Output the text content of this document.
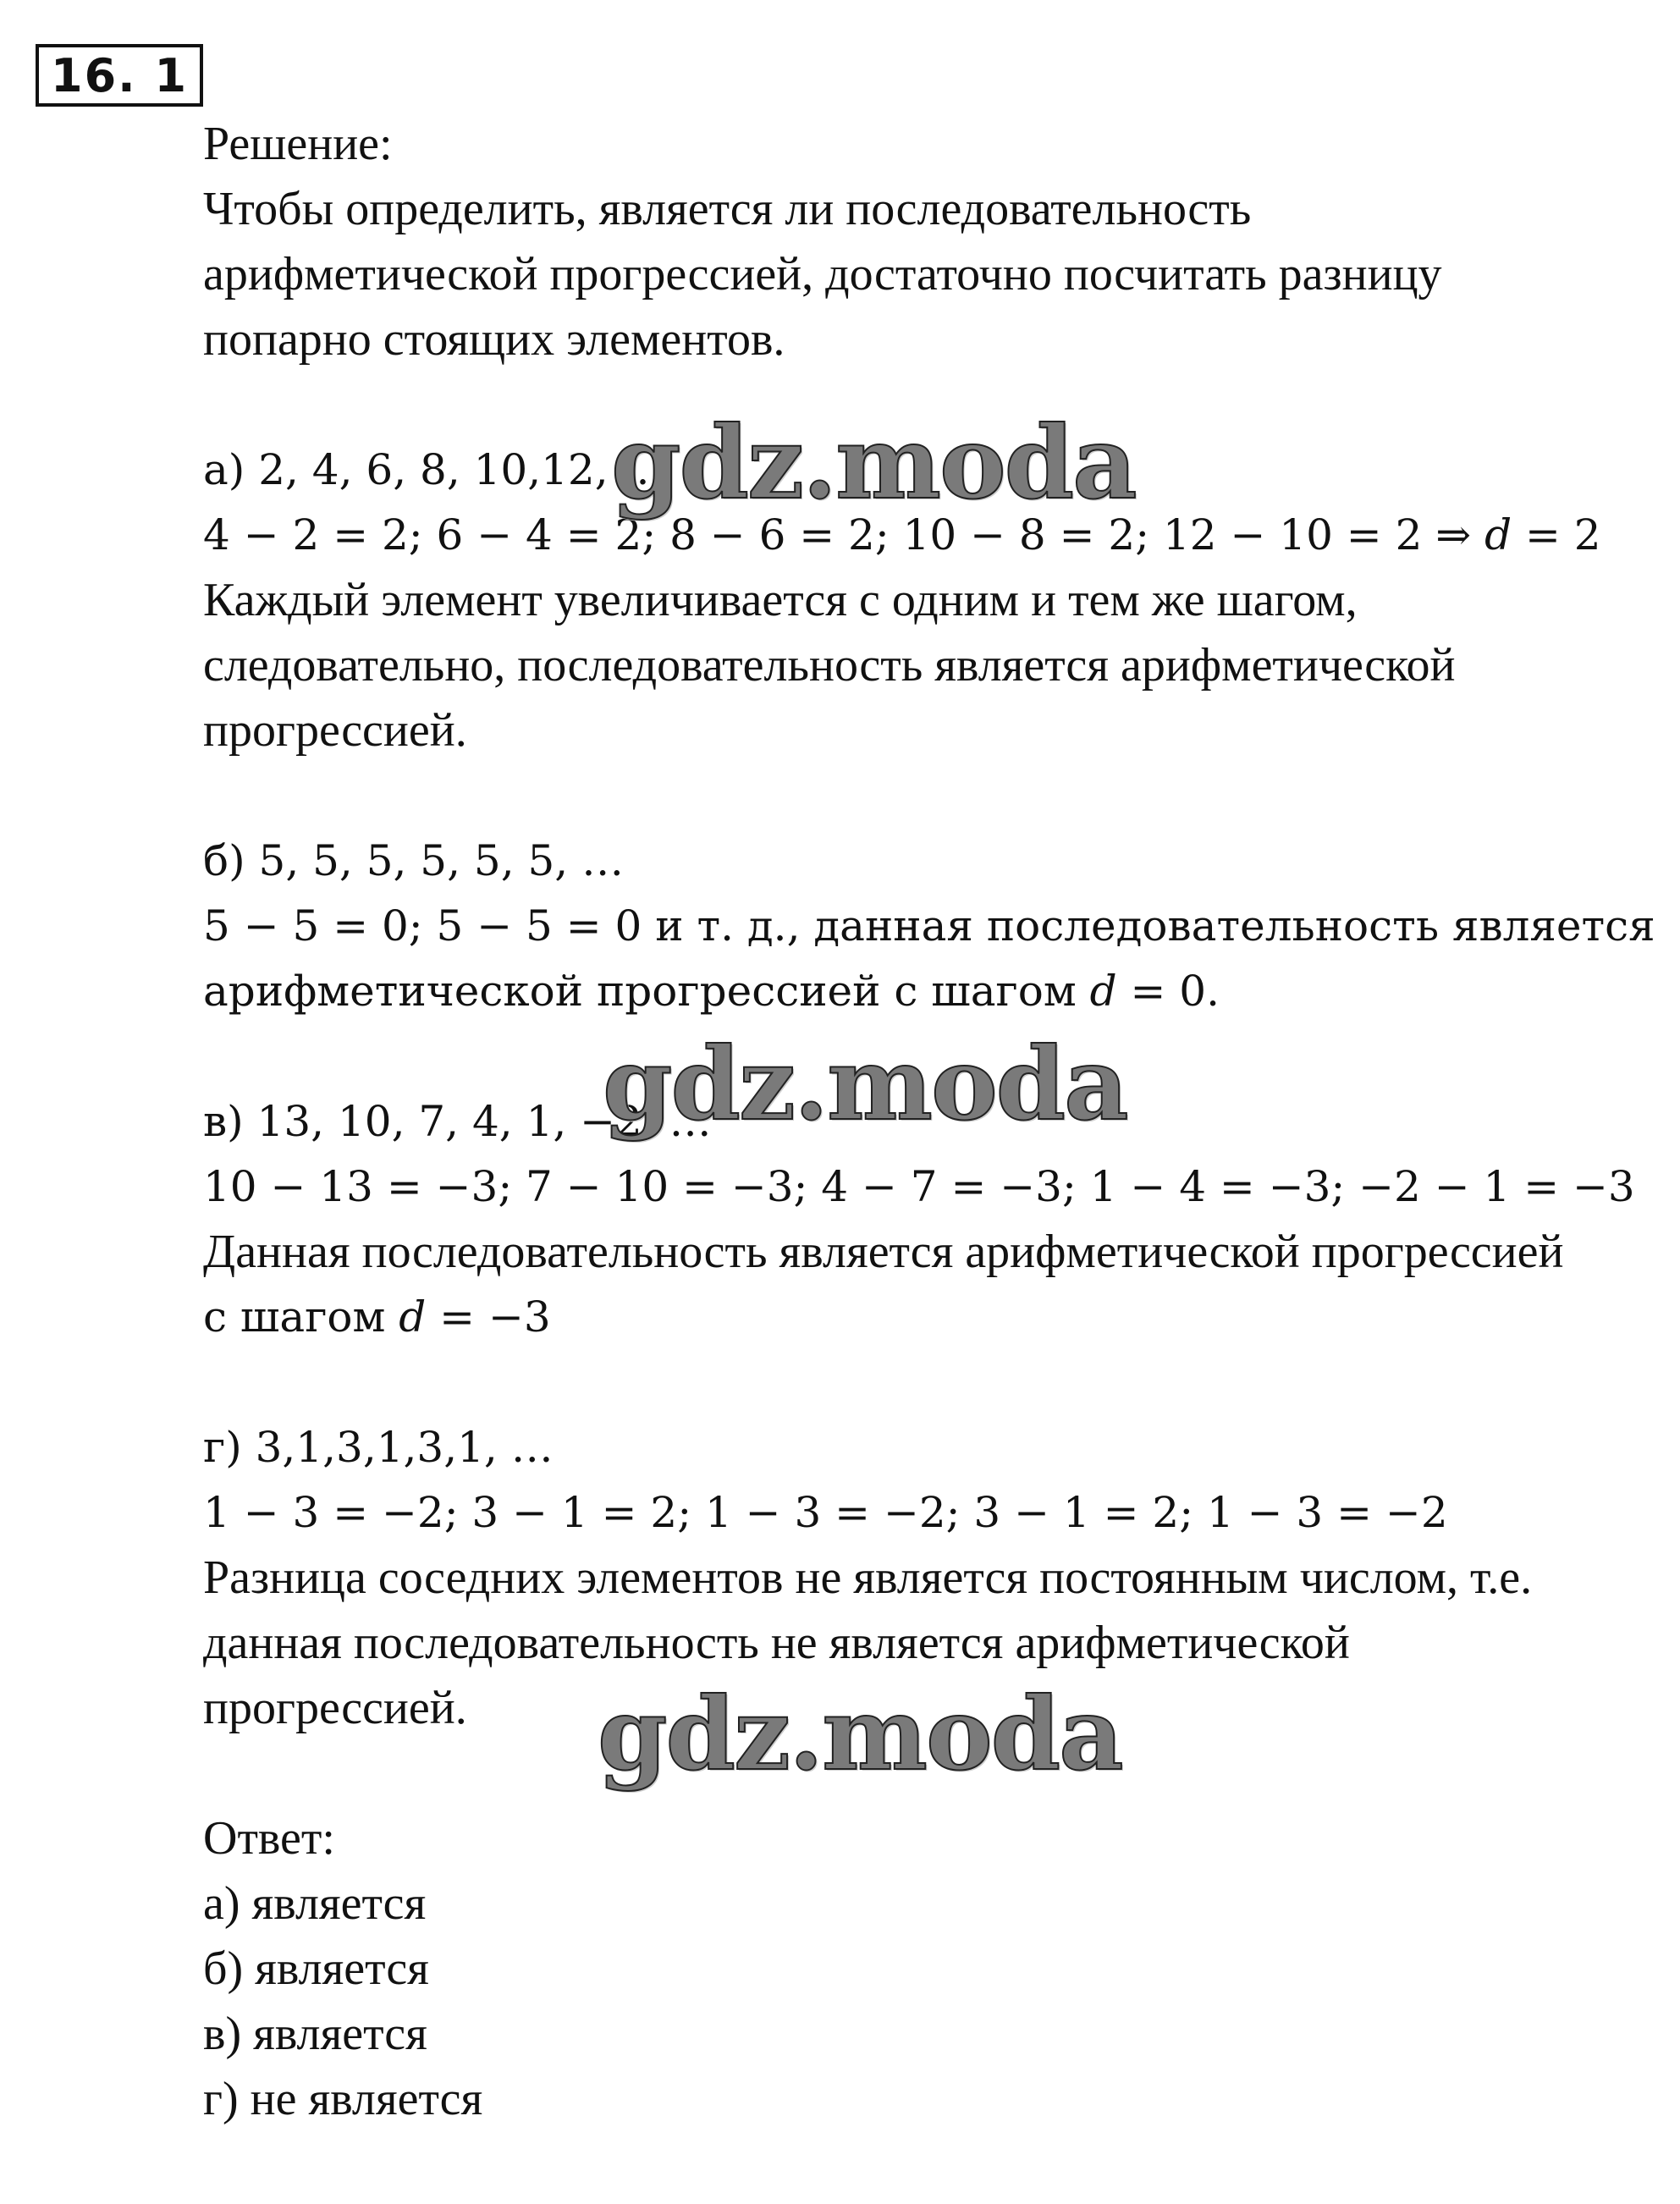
16. 1
Решение:
Чтобы определить, является ли последовательность
арифметической прогрессией, достаточно посчитать разницу
попарно стоящих элементов.
а) 2, 4, 6, 8, 10,12, …
4 − 2 = 2; 6 − 4 = 2; 8 − 6 = 2; 10 − 8 = 2; 12 − 10 = 2 ⇒ 𝑑 = 2
Каждый элемент увеличивается с одним и тем же шагом,
следовательно, последовательность является арифметической
прогрессией.
б) 5, 5, 5, 5, 5, 5, …
5 − 5 = 0; 5 − 5 = 0 и т. д., данная последовательность является
арифметической прогрессией с шагом 𝑑 = 0.
в) 13, 10, 7, 4, 1, −2, …
10 − 13 = −3; 7 − 10 = −3; 4 − 7 = −3; 1 − 4 = −3; −2 − 1 = −3
Данная последовательность является арифметической прогрессией
с шагом 𝑑 = −3
г) 3,1,3,1,3,1, …
1 − 3 = −2; 3 − 1 = 2; 1 − 3 = −2; 3 − 1 = 2; 1 − 3 = −2
Разница соседних элементов не является постоянным числом, т.е.
данная последовательность не является арифметической
прогрессией.
Ответ:
а) является
б) является
в) является
г) не является
gdz.moda
gdz.moda
gdz.moda
